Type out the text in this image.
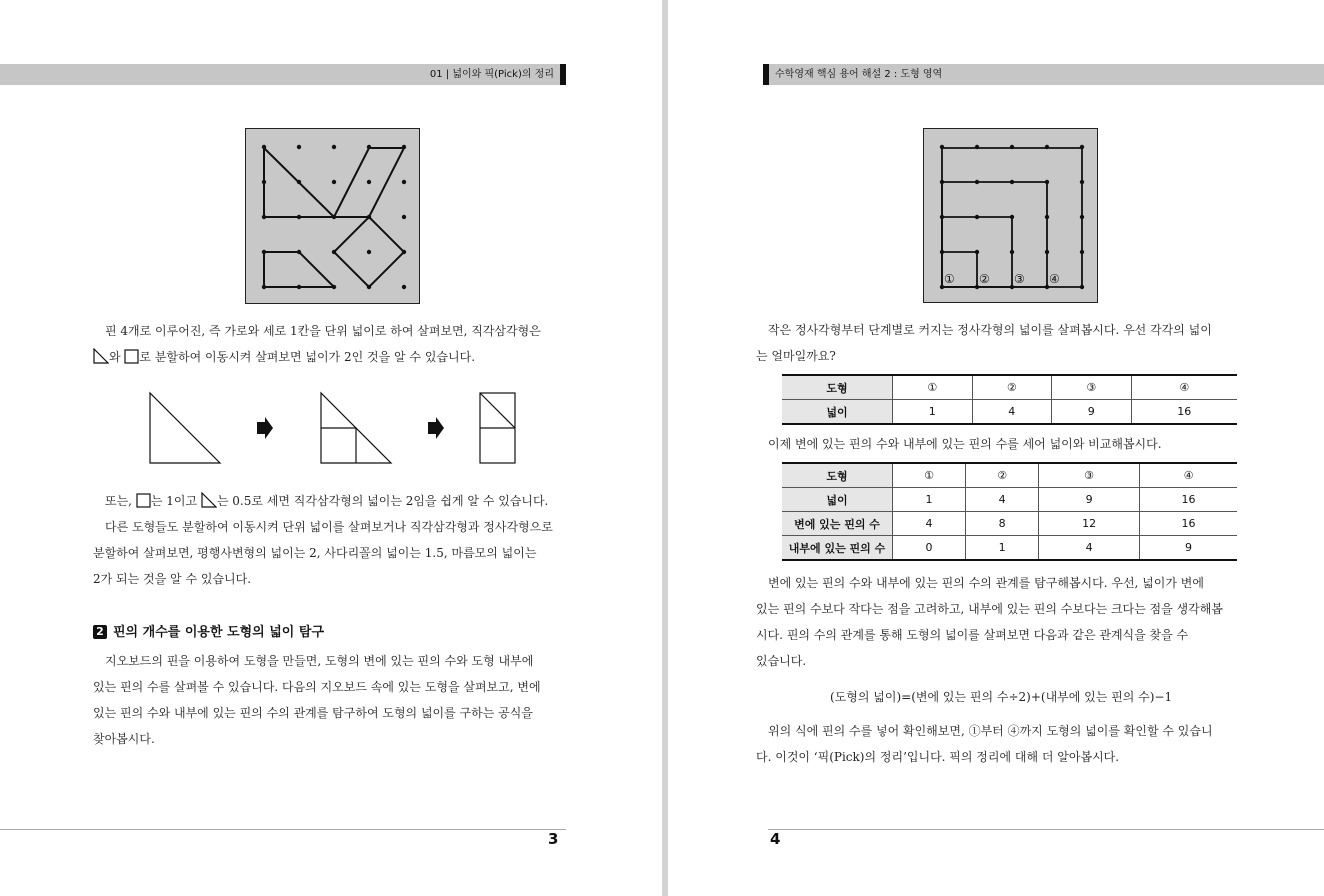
01 | 넓이와 픽(Pick)의 정리

핀 4개로 이루어진, 즉 가로와 세로 1칸을 단위 넓이로 하여 살펴보면, 직각삼각형은
와 로 분할하여 이동시켜 살펴보면 넓이가 2인 것을 알 수 있습니다.

또는, 는 1이고 는 0.5로 세면 직각삼각형의 넓이는 2임을 쉽게 알 수 있습니다.
다른 도형들도 분할하여 이동시켜 단위 넓이를 살펴보거나 직각삼각형과 정사각형으로
분할하여 살펴보면, 평행사변형의 넓이는 2, 사다리꼴의 넓이는 1.5, 마름모의 넓이는
2가 되는 것을 알 수 있습니다.

2 핀의 개수를 이용한 도형의 넓이 탐구

지오보드의 핀을 이용하여 도형을 만들면, 도형의 변에 있는 핀의 수와 도형 내부에
있는 핀의 수를 살펴볼 수 있습니다. 다음의 지오보드 속에 있는 도형을 살펴보고, 변에
있는 핀의 수와 내부에 있는 핀의 수의 관계를 탐구하여 도형의 넓이를 구하는 공식을
찾아봅시다.

3
수학영재 핵심 용어 해설 2 : 도형 영역
① ② ③ ④

작은 정사각형부터 단계별로 커지는 정사각형의 넓이를 살펴봅시다. 우선 각각의 넓이
는 얼마일까요?

도형	①	②	③	④
넓이	1	4	9	16

이제 변에 있는 핀의 수와 내부에 있는 핀의 수를 세어 넓이와 비교해봅시다.

도형	①	②	③	④
넓이	1	4	9	16
변에 있는 핀의 수	4	8	12	16
내부에 있는 핀의 수	0	1	4	9

변에 있는 핀의 수와 내부에 있는 핀의 수의 관계를 탐구해봅시다. 우선, 넓이가 변에
있는 핀의 수보다 작다는 점을 고려하고, 내부에 있는 핀의 수보다는 크다는 점을 생각해봅
시다. 핀의 수의 관계를 통해 도형의 넓이를 살펴보면 다음과 같은 관계식을 찾을 수
있습니다.

(도형의 넓이)=(변에 있는 핀의 수÷2)+(내부에 있는 핀의 수)−1

위의 식에 핀의 수를 넣어 확인해보면, ①부터 ④까지 도형의 넓이를 확인할 수 있습니
다. 이것이 ‘픽(Pick)의 정리’입니다. 픽의 정리에 대해 더 알아봅시다.

4
